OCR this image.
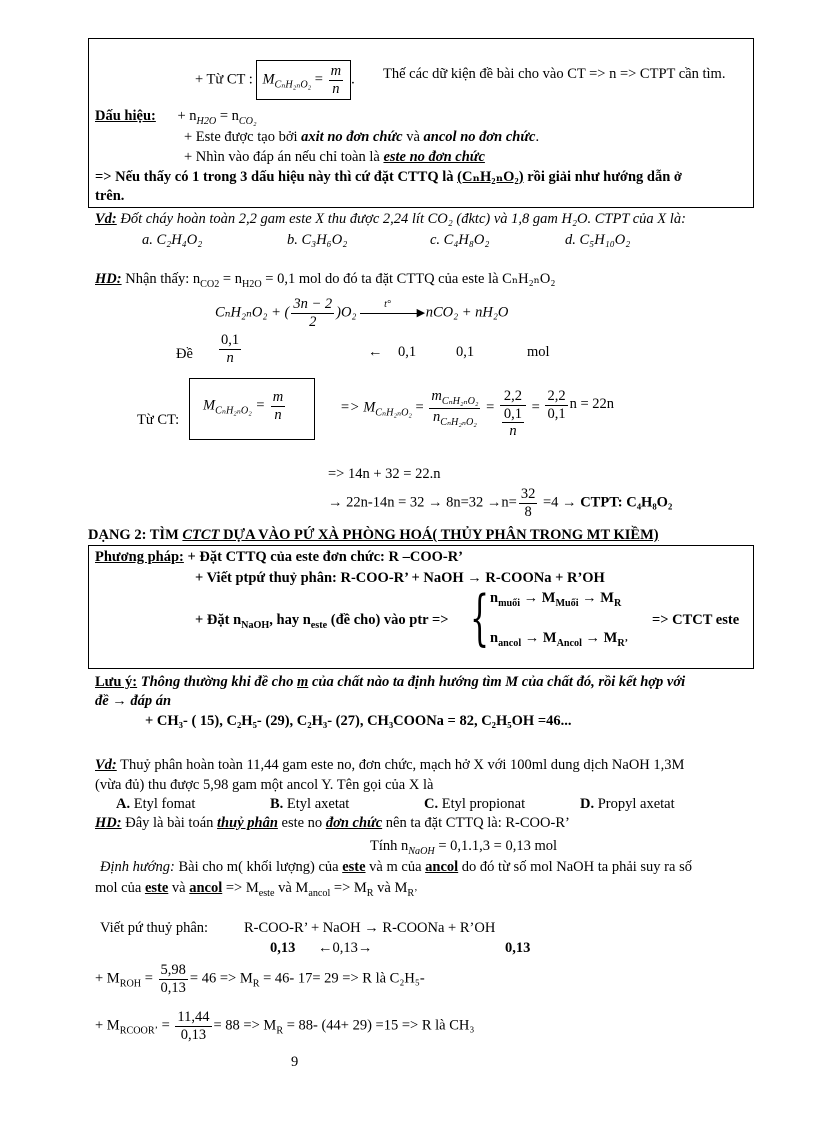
+ Từ CT : $M_{C_nH_{2n}O_2} = \frac{m}{n}$ . Thế các dữ kiện đề bài cho vào CT => n => CTPT cần tìm.
Dấu hiệu: + $n_{H2O} = n_{CO_2}$
+ Este được tạo bởi axit no đơn chức và ancol no đơn chức.
+ Nhìn vào đáp án nếu chỉ toàn là este no đơn chức
=> Nếu thấy có 1 trong 3 dấu hiệu này thì cứ đặt CTTQ là (CₙH₂ₙO₂) rồi giải như hướng dẫn ở
trên.
Vd: Đốt cháy hoàn toàn 2,2 gam este X thu được 2,24 lít CO₂ (đktc) và 1,8 gam H₂O. CTPT của X là:
a. C₂H₄O₂	b. C₃H₆O₂	c. C₄H₈O₂	d. C₅H₁₀O₂
HD: Nhận thấy: $n_{CO2} = n_{H2O} = 0,1$ mol do đó ta đặt CTTQ của este là CₙH₂ₙO₂
CₙH₂ₙO₂ + ( $\frac{3n - 2}{2} )O_2$
t°
▶ nCO₂ + nH₂O
Đề $\frac{0,1}{n}$	← 0,1	0,1	mol
Từ CT:
$M_{C_nH_{2n}O_2} = \frac{m}{n}$	=> $M_{C_nH_{2n}O_2} = \frac{m_{C_nH_{2n}O_2}}{n_{C_nH_{2n}O_2}} = \frac{2,2}{\frac{0,1}{n}} = \frac{2,2}{0,1}$ n = 22n
=> 14n + 32 = 22.n
→ $22n-14n = 32 \to 8n=32 \to n= \frac{32}{8} =4$ → CTPT: C₄H₈O₂
DẠNG 2: TÌM CTCT DỰA VÀO PỨ XÀ PHÒNG HOÁ( THỦY PHÂN TRONG MT KIỀM)
Phương pháp: + Đặt CTTQ của este đơn chức: R –COO-R’
+ Viết ptpứ thuỷ phân: R-COO-R’ + NaOH → R-COONa + R’OH
+ Đặt $n_{NaOH}$, hay $n_{este}$ (đề cho) vào ptr => { $n_{muối} \to M_{Muối} \to M_R$
$n_{ancol} \to M_{Ancol} \to M_{R’}$
=> CTCT este
Lưu ý: Thông thường khi đề cho m của chất nào ta định hướng tìm M của chất đó, rồi kết hợp với
đề → đáp án
+ CH₃- ( 15), C₂H₅- (29), C₂H₃- (27), CH₃COONa = 82, C₂H₅OH =46...
Vd: Thuỷ phân hoàn toàn 11,44 gam este no, đơn chức, mạch hở X với 100ml dung dịch NaOH 1,3M
(vừa đủ) thu được 5,98 gam một ancol Y. Tên gọi của X là
A. Etyl fomat	B. Etyl axetat	C. Etyl propionat	D. Propyl axetat
HD: Đây là bài toán thuỷ phân este no đơn chức nên ta đặt CTTQ là: R-COO-R’
Tính $n_{NaOH} = 0,1.1,3 = 0,13$ mol
Định hướng: Bài cho m( khối lượng) của este và m của ancol do đó từ số mol NaOH ta phải suy ra số
mol của este và ancol => $M_{este}$ và $M_{ancol} => M_R$ và $M_{R’}$
Viết pứ thuỷ phân: R-COO-R’ + NaOH → R-COONa + R’OH
0,13 ←0,13→	0,13
+ $M_{ROH} = \frac{5,98}{0,13} = 46 => M_R = 46-$ 17= 29 => R là C₂H₅-
+ $M_{RCOOR’} = \frac{11,44}{0,13} = 88 => M_R = 88-$ (44+ 29) =15 => R là CH₃
9
